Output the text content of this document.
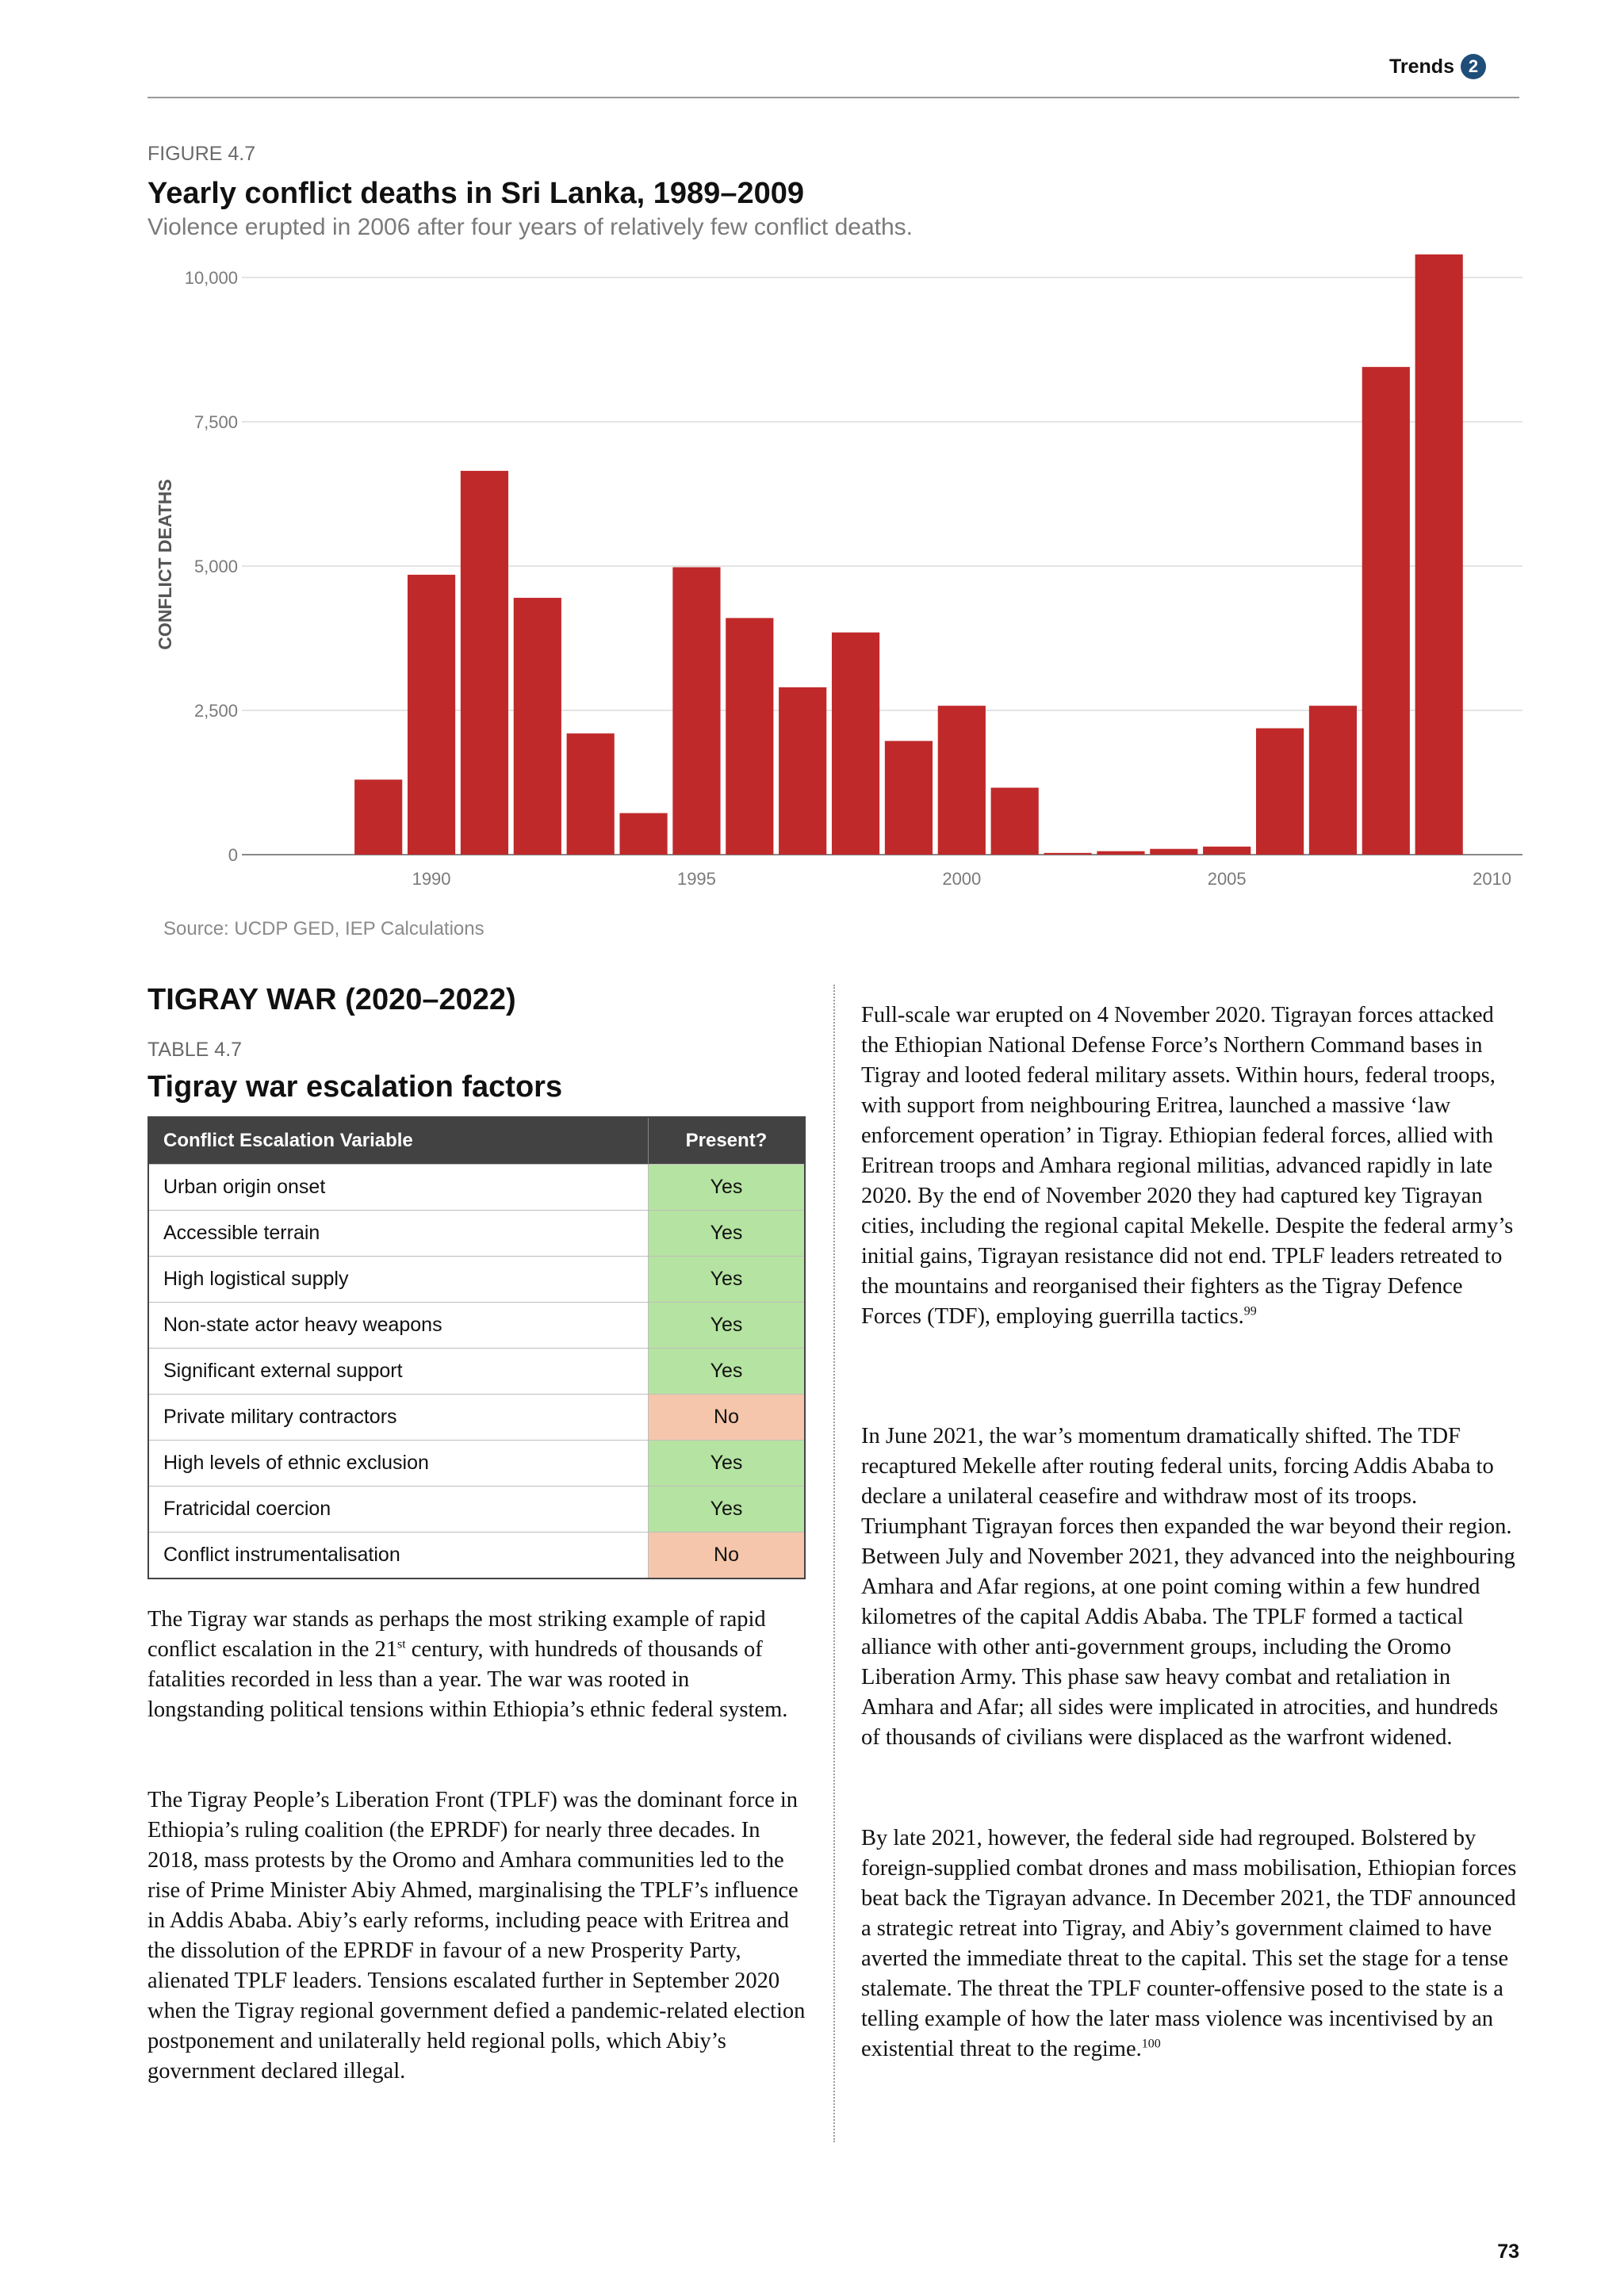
Trends 2
FIGURE 4.7
Yearly conflict deaths in Sri Lanka, 1989–2009
Violence erupted in 2006 after four years of relatively few conflict deaths.
0
2,500
5,000
7,500
10,000
1990	1995	2000	2005	2010
CONFLICT DEATHS
Source: UCDP GED, IEP Calculations
TIGRAY WAR (2020–2022)
TABLE 4.7
Tigray war escalation factors
Conflict Escalation Variable	Present?
Urban origin onset	Yes
Accessible terrain	Yes
High logistical supply	Yes
Non-state actor heavy weapons	Yes
Significant external support	Yes
Private military contractors	No
High levels of ethnic exclusion	Yes
Fratricidal coercion	Yes
Conflict instrumentalisation	No

The Tigray war stands as perhaps the most striking example of rapid conflict escalation in the 21st century, with hundreds of thousands of fatalities recorded in less than a year. The war was rooted in longstanding political tensions within Ethiopia’s ethnic federal system.

The Tigray People’s Liberation Front (TPLF) was the dominant force in Ethiopia’s ruling coalition (the EPRDF) for nearly three decades. In 2018, mass protests by the Oromo and Amhara communities led to the rise of Prime Minister Abiy Ahmed, marginalising the TPLF’s influence in Addis Ababa. Abiy’s early reforms, including peace with Eritrea and the dissolution of the EPRDF in favour of a new Prosperity Party, alienated TPLF leaders. Tensions escalated further in September 2020 when the Tigray regional government defied a pandemic-related election postponement and unilaterally held regional polls, which Abiy’s government declared illegal.

Full-scale war erupted on 4 November 2020. Tigrayan forces attacked the Ethiopian National Defense Force’s Northern Command bases in Tigray and looted federal military assets. Within hours, federal troops, with support from neighbouring Eritrea, launched a massive ‘law enforcement operation’ in Tigray. Ethiopian federal forces, allied with Eritrean troops and Amhara regional militias, advanced rapidly in late 2020. By the end of November 2020 they had captured key Tigrayan cities, including the regional capital Mekelle. Despite the federal army’s initial gains, Tigrayan resistance did not end. TPLF leaders retreated to the mountains and reorganised their fighters as the Tigray Defence Forces (TDF), employing guerrilla tactics.$^{99}$

In June 2021, the war’s momentum dramatically shifted. The TDF recaptured Mekelle after routing federal units, forcing Addis Ababa to declare a unilateral ceasefire and withdraw most of its troops. Triumphant Tigrayan forces then expanded the war beyond their region. Between July and November 2021, they advanced into the neighbouring Amhara and Afar regions, at one point coming within a few hundred kilometres of the capital Addis Ababa. The TPLF formed a tactical alliance with other anti-government groups, including the Oromo Liberation Army. This phase saw heavy combat and retaliation in Amhara and Afar; all sides were implicated in atrocities, and hundreds of thousands of civilians were displaced as the warfront widened.

By late 2021, however, the federal side had regrouped. Bolstered by foreign-supplied combat drones and mass mobilisation, Ethiopian forces beat back the Tigrayan advance. In December 2021, the TDF announced a strategic retreat into Tigray, and Abiy’s government claimed to have averted the immediate threat to the capital. This set the stage for a tense stalemate. The threat the TPLF counter-offensive posed to the state is a telling example of how the later mass violence was incentivised by an existential threat to the regime.$^{100}$

73
